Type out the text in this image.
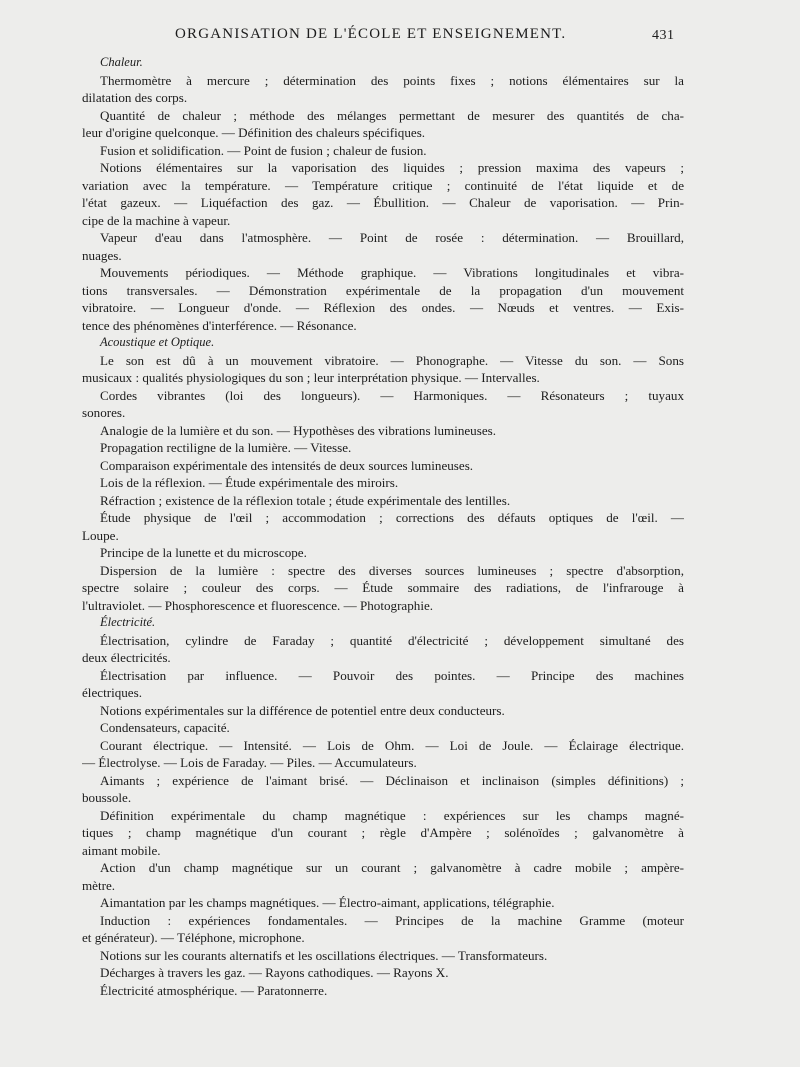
ORGANISATION DE L'ÉCOLE ET ENSEIGNEMENT.	431
Chaleur.
Thermomètre à mercure ; détermination des points fixes ; notions élémentaires sur la
dilatation des corps.
Quantité de chaleur ; méthode des mélanges permettant de mesurer des quantités de cha-
leur d'origine quelconque. — Définition des chaleurs spécifiques.
Fusion et solidification. — Point de fusion ; chaleur de fusion.
Notions élémentaires sur la vaporisation des liquides ; pression maxima des vapeurs ;
variation avec la température. — Température critique ; continuité de l'état liquide et de
l'état gazeux. — Liquéfaction des gaz. — Ébullition. — Chaleur de vaporisation. — Prin-
cipe de la machine à vapeur.
Vapeur d'eau dans l'atmosphère. — Point de rosée : détermination. — Brouillard,
nuages.
Mouvements périodiques. — Méthode graphique. — Vibrations longitudinales et vibra-
tions transversales. — Démonstration expérimentale de la propagation d'un mouvement
vibratoire. — Longueur d'onde. — Réflexion des ondes. — Nœuds et ventres. — Exis-
tence des phénomènes d'interférence. — Résonance.
Acoustique et Optique.
Le son est dû à un mouvement vibratoire. — Phonographe. — Vitesse du son. — Sons
musicaux : qualités physiologiques du son ; leur interprétation physique. — Intervalles.
Cordes vibrantes (loi des longueurs). — Harmoniques. — Résonateurs ; tuyaux
sonores.
Analogie de la lumière et du son. — Hypothèses des vibrations lumineuses.
Propagation rectiligne de la lumière. — Vitesse.
Comparaison expérimentale des intensités de deux sources lumineuses.
Lois de la réflexion. — Étude expérimentale des miroirs.
Réfraction ; existence de la réflexion totale ; étude expérimentale des lentilles.
Étude physique de l'œil ; accommodation ; corrections des défauts optiques de l'œil. —
Loupe.
Principe de la lunette et du microscope.
Dispersion de la lumière : spectre des diverses sources lumineuses ; spectre d'absorption,
spectre solaire ; couleur des corps. — Étude sommaire des radiations, de l'infrarouge à
l'ultraviolet. — Phosphorescence et fluorescence. — Photographie.
Électricité.
Électrisation, cylindre de Faraday ; quantité d'électricité ; développement simultané des
deux électricités.
Électrisation par influence. — Pouvoir des pointes. — Principe des machines
électriques.
Notions expérimentales sur la différence de potentiel entre deux conducteurs.
Condensateurs, capacité.
Courant électrique. — Intensité. — Lois de Ohm. — Loi de Joule. — Éclairage électrique.
— Électrolyse. — Lois de Faraday. — Piles. — Accumulateurs.
Aimants ; expérience de l'aimant brisé. — Déclinaison et inclinaison (simples définitions) ;
boussole.
Définition expérimentale du champ magnétique : expériences sur les champs magné-
tiques ; champ magnétique d'un courant ; règle d'Ampère ; solénoïdes ; galvanomètre à
aimant mobile.
Action d'un champ magnétique sur un courant ; galvanomètre à cadre mobile ; ampère-
mètre.
Aimantation par les champs magnétiques. — Électro-aimant, applications, télégraphie.
Induction : expériences fondamentales. — Principes de la machine Gramme (moteur
et générateur). — Téléphone, microphone.
Notions sur les courants alternatifs et les oscillations électriques. — Transformateurs.
Décharges à travers les gaz. — Rayons cathodiques. — Rayons X.
Électricité atmosphérique. — Paratonnerre.
